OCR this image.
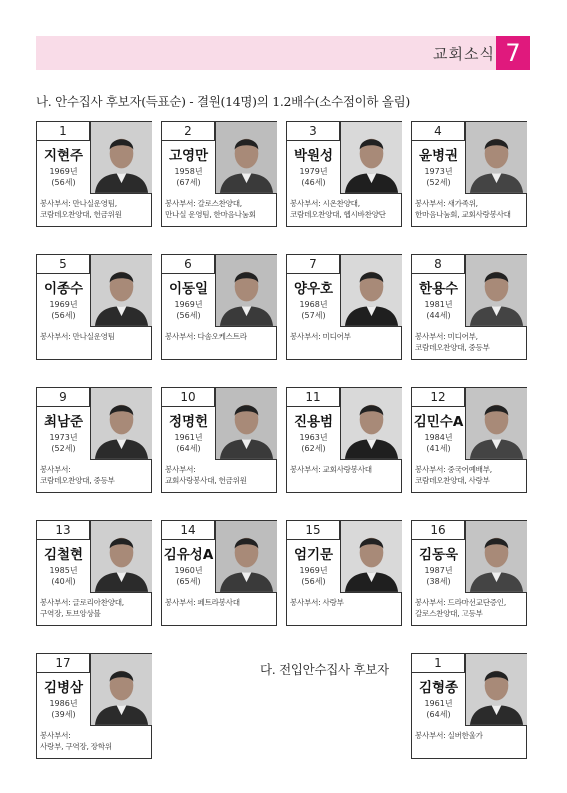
교회소식 7
나. 안수집사 후보자(득표순) - 결원(14명)의 1.2배수(소수점이하 올림)
다. 전입안수집사 후보자
1
지현주
1969년
(56세)
봉사부서: 만나실운영팀,
코람데오찬양대, 헌금위원
2
고영만
1958년
(67세)
봉사부서: 갈로스찬양대,
만나실 운영팀, 한마음나눔회
3
박원성
1979년
(46세)
봉사부서: 시온찬양대,
코람데오찬양대, 헵시바찬양단
4
윤병권
1973년
(52세)
봉사부서: 새가족위,
한마음나눔회, 교회사랑봉사대
5
이종수
1969년
(56세)
봉사부서: 만나실운영팀

6
이동일
1969년
(56세)
봉사부서: 다솜오케스트라

7
양우호
1968년
(57세)
봉사부서: 미디어부

8
한용수
1981년
(44세)
봉사부서: 미디어부,
코람데오찬양대, 중등부
9
최남준
1973년
(52세)
봉사부서:
코람데오찬양대, 중등부
10
정명헌
1961년
(64세)
봉사부서:
교회사랑봉사대, 헌금위원
11
진용범
1963년
(62세)
봉사부서: 교회사랑봉사대

12
김민수A
1984년
(41세)
봉사부서: 중국어예배부,
코람데오찬양대, 사랑부
13
김철현
1985년
(40세)
봉사부서: 글로리아찬양대,
구역장, 토브앙상블
14
김유성A
1960년
(65세)
봉사부서: 페트라봉사대

15
엄기문
1969년
(56세)
봉사부서: 사랑부

16
김동욱
1987년
(38세)
봉사부서: 드라마선교단증인,
갈로스찬양대, 고등부
17
김병삼
1986년
(39세)
봉사부서:
사랑부, 구역장, 장학위
1
김형종
1961년
(64세)
봉사부서: 실버한울가
